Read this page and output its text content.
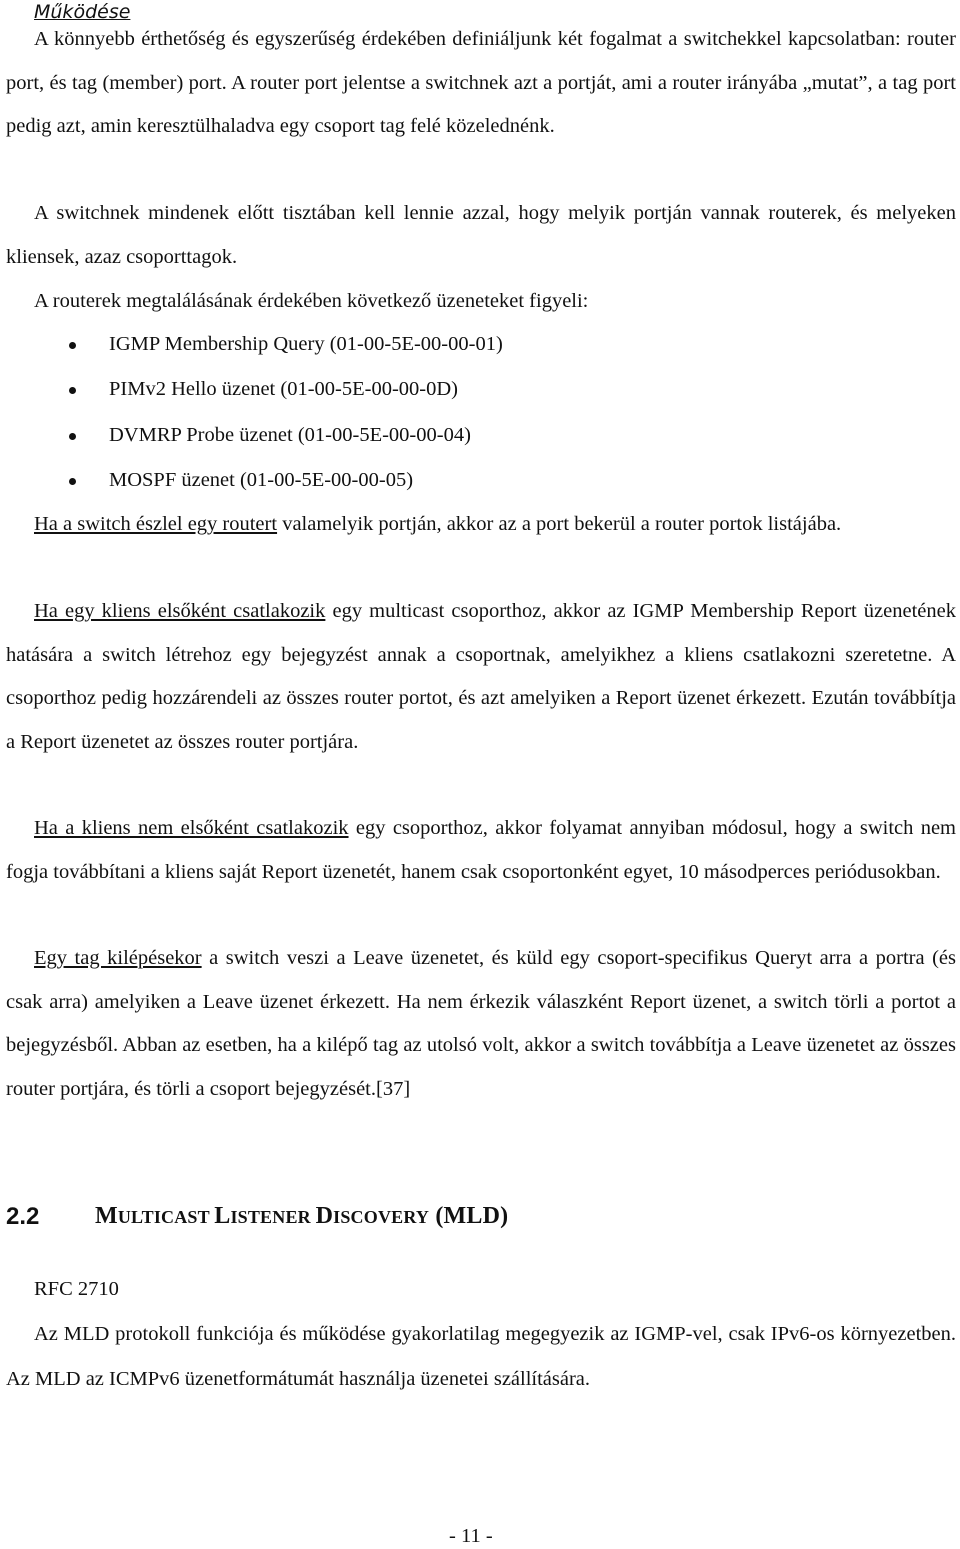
Működése

A könnyebb érthetőség és egyszerűség érdekében definiáljunk két fogalmat a switchekkel kapcsolatban: router port, és tag (member) port. A router port jelentse a switchnek azt a portját, ami a router irányába „mutat”, a tag port pedig azt, amin keresztülhaladva egy csoport tag felé közelednénk.

A switchnek mindenek előtt tisztában kell lennie azzal, hogy melyik portján vannak routerek, és melyeken kliensek, azaz csoporttagok.

A routerek megtalálásának érdekében következő üzeneteket figyeli:

IGMP Membership Query (01-00-5E-00-00-01)
PIMv2 Hello üzenet (01-00-5E-00-00-0D)
DVMRP Probe üzenet (01-00-5E-00-00-04)
MOSPF üzenet (01-00-5E-00-00-05)

Ha a switch észlel egy routert valamelyik portján, akkor az a port bekerül a router portok listájába.

Ha egy kliens elsőként csatlakozik egy multicast csoporthoz, akkor az IGMP Membership Report üzenetének hatására a switch létrehoz egy bejegyzést annak a csoportnak, amelyikhez a kliens csatlakozni szeretetne. A csoporthoz pedig hozzárendeli az összes router portot, és azt amelyiken a Report üzenet érkezett. Ezután továbbítja a Report üzenetet az összes router portjára.

Ha a kliens nem elsőként csatlakozik egy csoporthoz, akkor folyamat annyiban módosul, hogy a switch nem fogja továbbítani a kliens saját Report üzenetét, hanem csak csoportonként egyet, 10 másodperces periódusokban.

Egy tag kilépésekor a switch veszi a Leave üzenetet, és küld egy csoport-specifikus Queryt arra a portra (és csak arra) amelyiken a Leave üzenet érkezett. Ha nem érkezik válaszként Report üzenet, a switch törli a portot a bejegyzésből. Abban az esetben, ha a kilépő tag az utolsó volt, akkor a switch továbbítja a Leave üzenetet az összes router portjára, és törli a csoport bejegyzését.[37]

2.2 MULTICAST LISTENER DISCOVERY (MLD)
RFC 2710

Az MLD protokoll funkciója és működése gyakorlatilag megegyezik az IGMP-vel, csak IPv6-os környezetben. Az MLD az ICMPv6 üzenetformátumát használja üzenetei szállítására.

- 11 -
